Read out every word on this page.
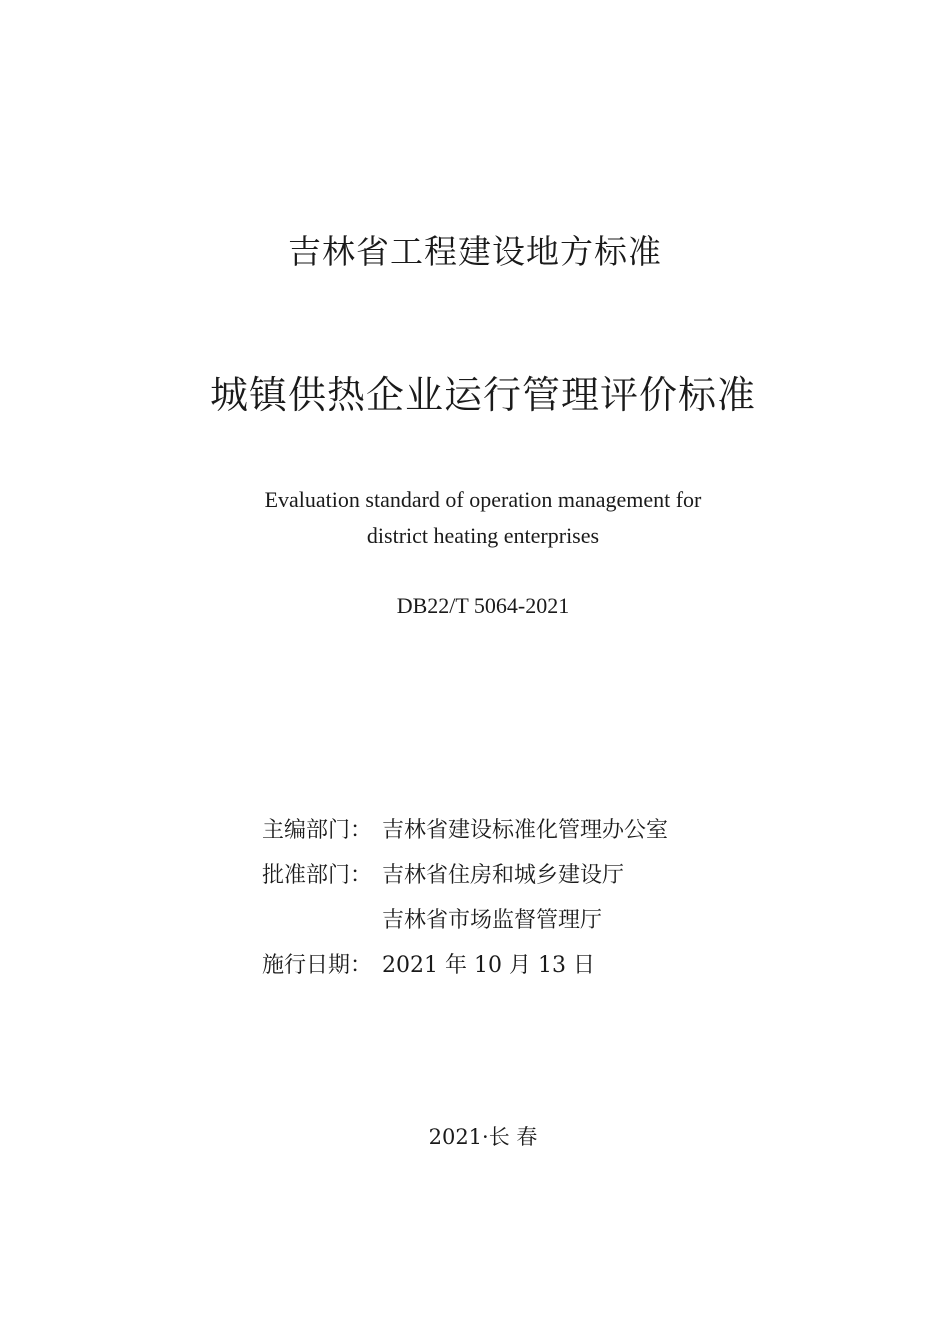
吉林省工程建设地方标准
城镇供热企业运行管理评价标准
Evaluation standard of operation management for
district heating enterprises
DB22/T 5064-2021
主编部门： 吉林省建设标准化管理办公室
批准部门： 吉林省住房和城乡建设厅
吉林省市场监督管理厅
施行日期： 2021 年 10 月 13 日
2021·长 春
